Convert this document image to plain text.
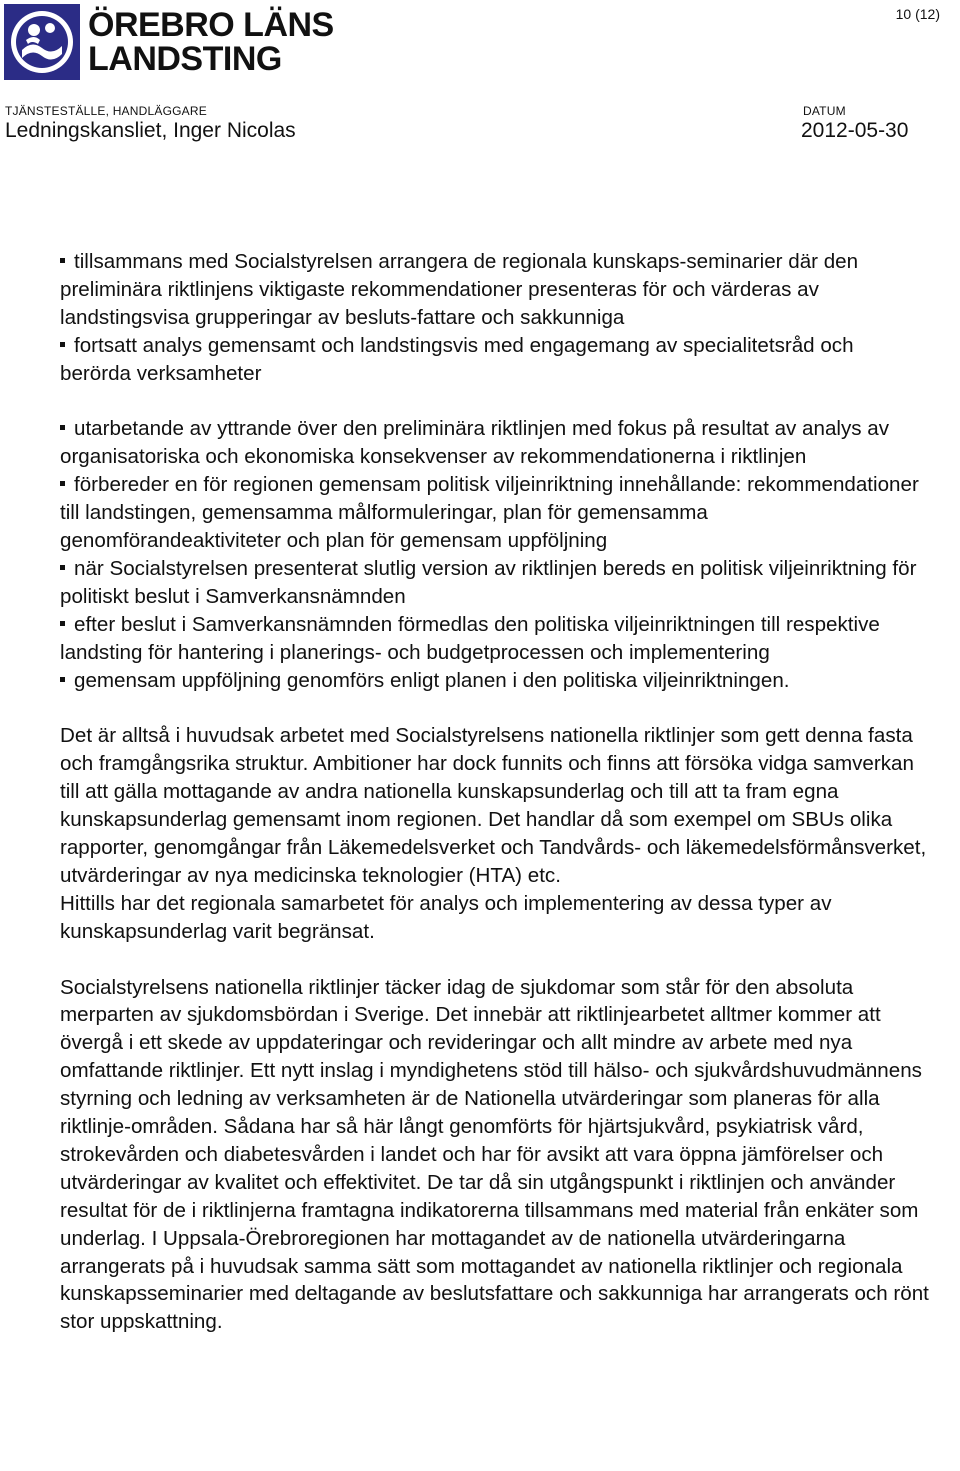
ÖREBRO LÄNS
LANDSTING
10 (12)
TJÄNSTESTÄLLE, HANDLÄGGARE
Ledningskansliet, Inger Nicolas
DATUM
2012-05-30

tillsammans med Socialstyrelsen arrangera de regionala kunskaps-seminarier där den preliminära riktlinjens viktigaste rekommendationer presenteras för och värderas av landstingsvisa grupperingar av besluts-fattare och sakkunniga

fortsatt analys gemensamt och landstingsvis med engagemang av specialitetsråd och berörda verksamheter

utarbetande av yttrande över den preliminära riktlinjen med fokus på resultat av analys av organisatoriska och ekonomiska konsekvenser av rekommendationerna i riktlinjen

förbereder en för regionen gemensam politisk viljeinriktning innehållande: rekommendationer till landstingen, gemensamma målformuleringar, plan för gemensamma genomförandeaktiviteter och plan för gemensam uppföljning

när Socialstyrelsen presenterat slutlig version av riktlinjen bereds en politisk viljeinriktning för politiskt beslut i Samverkansnämnden

efter beslut i Samverkansnämnden förmedlas den politiska viljeinriktningen till respektive landsting för hantering i planerings- och budgetprocessen och implementering

gemensam uppföljning genomförs enligt planen i den politiska viljeinriktningen.

Det är alltså i huvudsak arbetet med Socialstyrelsens nationella riktlinjer som gett denna fasta och framgångsrika struktur. Ambitioner har dock funnits och finns att försöka vidga samverkan till att gälla mottagande av andra nationella kunskapsunderlag och till att ta fram egna kunskapsunderlag gemensamt inom regionen. Det handlar då som exempel om SBUs olika rapporter, genomgångar från Läkemedelsverket och Tandvårds- och läkemedelsförmånsverket, utvärderingar av nya medicinska teknologier (HTA) etc.

Hittills har det regionala samarbetet för analys och implementering av dessa typer av kunskapsunderlag varit begränsat.

Socialstyrelsens nationella riktlinjer täcker idag de sjukdomar som står för den absoluta merparten av sjukdomsbördan i Sverige. Det innebär att riktlinjearbetet alltmer kommer att övergå i ett skede av uppdateringar och revideringar och allt mindre av arbete med nya omfattande riktlinjer. Ett nytt inslag i myndighetens stöd till hälso- och sjukvårdshuvudmännens styrning och ledning av verksamheten är de Nationella utvärderingar som planeras för alla riktlinje-områden. Sådana har så här långt genomförts för hjärtsjukvård, psykiatrisk vård, strokevården och diabetesvården i landet och har för avsikt att vara öppna jämförelser och utvärderingar av kvalitet och effektivitet. De tar då sin utgångspunkt i riktlinjen och använder resultat för de i riktlinjerna framtagna indikatorerna tillsammans med material från enkäter som underlag. I Uppsala-Örebroregionen har mottagandet av de nationella utvärderingarna arrangerats på i huvudsak samma sätt som mottagandet av nationella riktlinjer och regionala kunskapsseminarier med deltagande av beslutsfattare och sakkunniga har arrangerats och rönt stor uppskattning.
